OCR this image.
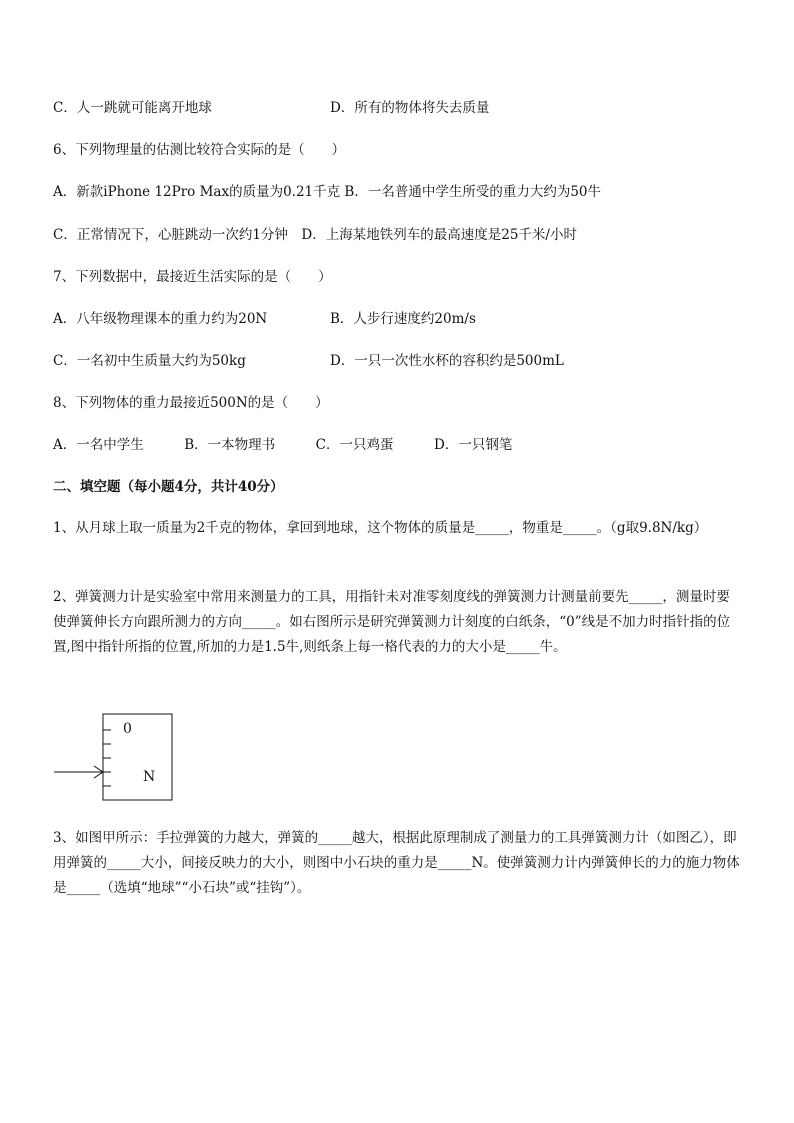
C．人一跳就可能离开地球	D．所有的物体将失去质量
6、下列物理量的估测比较符合实际的是（　　）
A．新款iPhone 12Pro Max的质量为0.21千克 B．一名普通中学生所受的重力大约为50牛
C．正常情况下，心脏跳动一次约1分钟　D．上海某地铁列车的最高速度是25千米/小时
7、下列数据中，最接近生活实际的是（　　）
A．八年级物理课本的重力约为20N	B．人步行速度约20m/s
C．一名初中生质量大约为50kg	D．一只一次性水杯的容积约是500mL
8、下列物体的重力最接近500N的是（　　）
A．一名中学生　　　B．一本物理书　　　C．一只鸡蛋　　　D．一只钢笔
二、填空题（每小题4分，共计40分）
1、从月球上取一质量为2千克的物体，拿回到地球，这个物体的质量是_____，物重是_____。（g取9.8N/kg）
2、弹簧测力计是实验室中常用来测量力的工具，用指针未对准零刻度线的弹簧测力计测量前要先_____，测量时要使弹簧伸长方向跟所测力的方向_____。如右图所示是研究弹簧测力计刻度的白纸条，“0”线是不加力时指针指的位置,图中指针所指的位置,所加的力是1.5牛,则纸条上每一格代表的力的大小是_____牛。
0
N
3、如图甲所示：手拉弹簧的力越大，弹簧的_____越大，根据此原理制成了测量力的工具弹簧测力计（如图乙），即用弹簧的_____大小，间接反映力的大小，则图中小石块的重力是_____N。使弹簧测力计内弹簧伸长的力的施力物体是_____（选填“地球”“小石块”或“挂钩”）。
